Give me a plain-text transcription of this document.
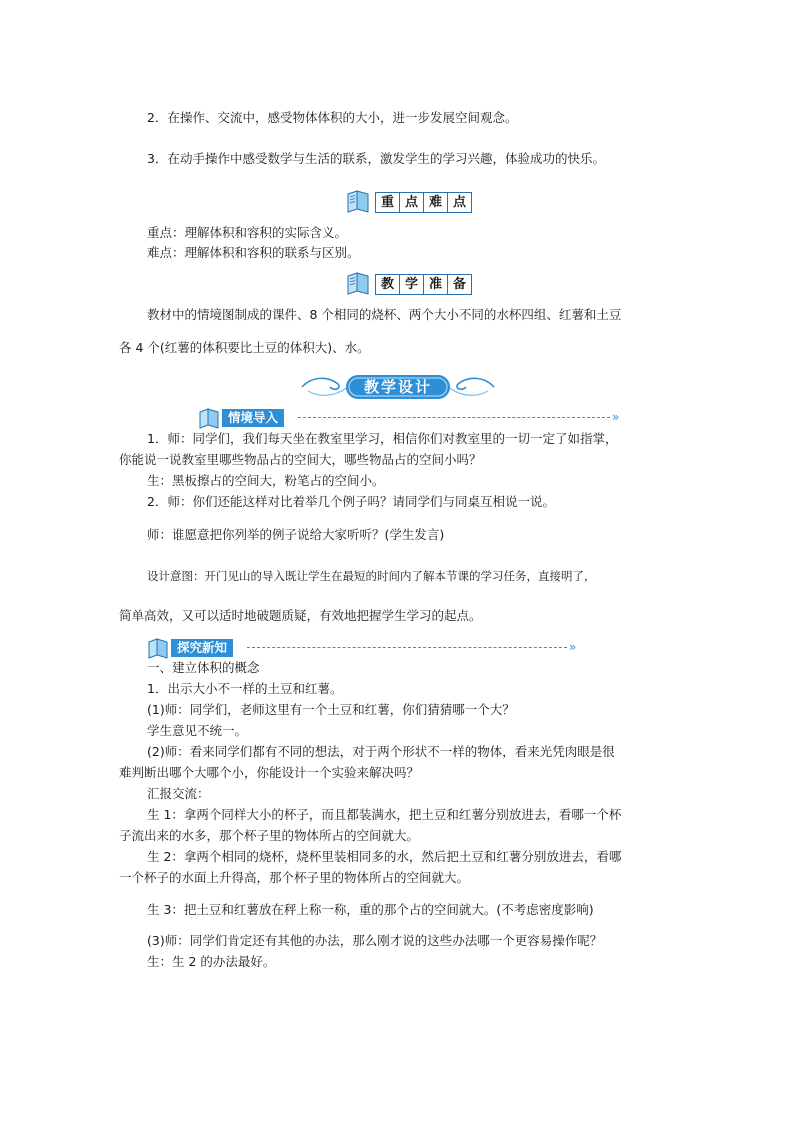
2．在操作、交流中，感受物体体积的大小，进一步发展空间观念。
3．在动手操作中感受数学与生活的联系，激发学生的学习兴趣，体验成功的快乐。
重 点 难 点
重点：理解体积和容积的实际含义。
难点：理解体积和容积的联系与区别。
教 学 准 备
教材中的情境图制成的课件、8 个相同的烧杯、两个大小不同的水杯四组、红薯和土豆
各 4 个(红薯的体积要比土豆的体积大)、水。
教学设计
情境导入	»
1．师：同学们，我们每天坐在教室里学习，相信你们对教室里的一切一定了如指掌，
你能说一说教室里哪些物品占的空间大，哪些物品占的空间小吗？
生：黑板擦占的空间大，粉笔占的空间小。
2．师：你们还能这样对比着举几个例子吗？请同学们与同桌互相说一说。
师：谁愿意把你列举的例子说给大家听听？(学生发言)
设计意图：开门见山的导入既让学生在最短的时间内了解本节课的学习任务，直接明了，
简单高效，又可以适时地破题质疑，有效地把握学生学习的起点。
探究新知	»
一、建立体积的概念
1．出示大小不一样的土豆和红薯。
(1)师：同学们，老师这里有一个土豆和红薯，你们猜猜哪一个大？
学生意见不统一。
(2)师：看来同学们都有不同的想法，对于两个形状不一样的物体，看来光凭肉眼是很
难判断出哪个大哪个小，你能设计一个实验来解决吗？
汇报交流：
生 1：拿两个同样大小的杯子，而且都装满水，把土豆和红薯分别放进去，看哪一个杯
子流出来的水多，那个杯子里的物体所占的空间就大。
生 2：拿两个相同的烧杯，烧杯里装相同多的水，然后把土豆和红薯分别放进去，看哪
一个杯子的水面上升得高，那个杯子里的物体所占的空间就大。
生 3：把土豆和红薯放在秤上称一称，重的那个占的空间就大。(不考虑密度影响)
(3)师：同学们肯定还有其他的办法，那么刚才说的这些办法哪一个更容易操作呢？
生：生 2 的办法最好。
